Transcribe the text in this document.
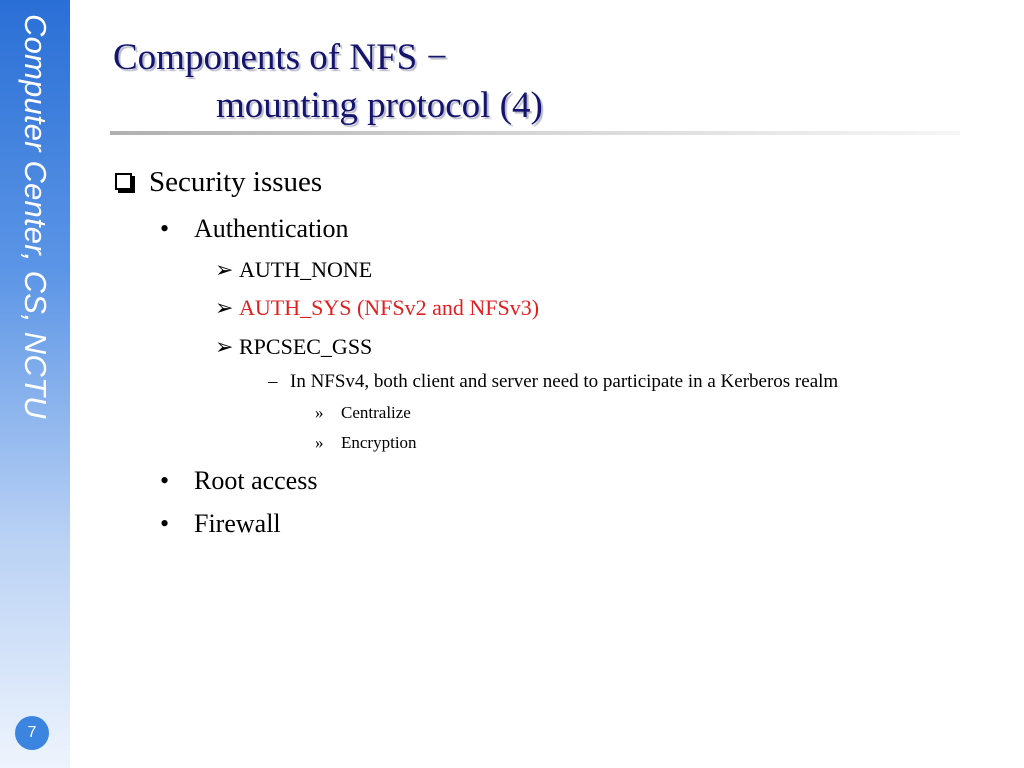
Computer Center, CS, NCTU
7
Components of NFS −
mounting protocol (4)
Security issues
• Authentication
➢ AUTH_NONE
➢ AUTH_SYS (NFSv2 and NFSv3)
➢ RPCSEC_GSS
– In NFSv4, both client and server need to participate in a Kerberos realm
» Centralize
» Encryption
• Root access
• Firewall
